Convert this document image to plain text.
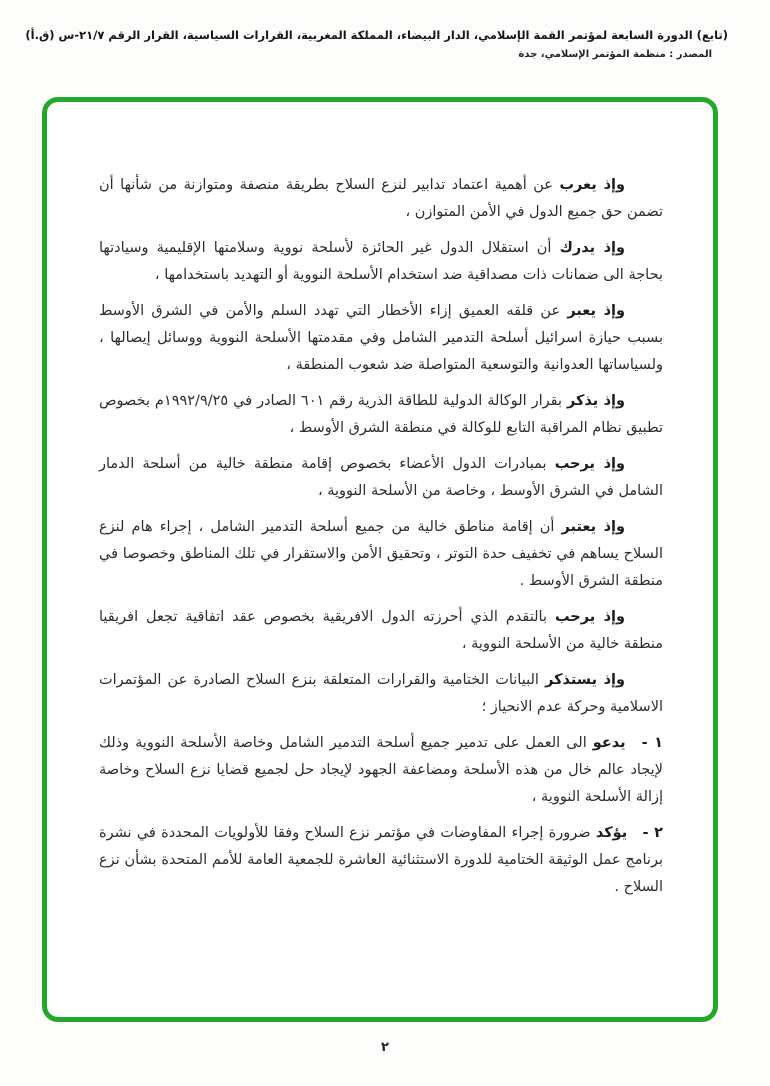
(تابع) الدورة السابعة لمؤتمر القمة الإسلامي، الدار البيضاء، المملكة المغربية، القرارات السياسية، القرار الرقم ٢١/٧-س (ق.أ)
المصدر : منظمة المؤتمر الإسلامي، جدة

وإذ يعرب عن أهمية اعتماد تدابير لنزع السلاح بطريقة منصفة ومتوازنة من شأنها أن تضمن حق جميع الدول في الأمن المتوازن ،

وإذ يدرك أن استقلال الدول غير الحائزة لأسلحة نووية وسلامتها الإقليمية وسيادتها بحاجة الى ضمانات ذات مصداقية ضد استخدام الأسلحة النووية أو التهديد باستخدامها ،

وإذ يعبر عن قلقه العميق إزاء الأخطار التي تهدد السلم والأمن في الشرق الأوسط بسبب حيازة اسرائيل أسلحة التدمير الشامل وفي مقدمتها الأسلحة النووية ووسائل إيصالها ، ولسياساتها العدوانية والتوسعية المتواصلة ضد شعوب المنطقة ،

وإذ يذكر بقرار الوكالة الدولية للطاقة الذرية رقم ٦٠١ الصادر في ١٩٩٢/٩/٢٥م بخصوص تطبيق نظام المراقبة التابع للوكالة في منطقة الشرق الأوسط ،

وإذ يرحب بمبادرات الدول الأعضاء بخصوص إقامة منطقة خالية من أسلحة الدمار الشامل في الشرق الأوسط ، وخاصة من الأسلحة النووية ،

وإذ يعتبر أن إقامة مناطق خالية من جميع أسلحة التدمير الشامل ، إجراء هام لنزع السلاح يساهم في تخفيف حدة التوتر ، وتحقيق الأمن والاستقرار في تلك المناطق وخصوصا في منطقة الشرق الأوسط .

وإذ يرحب بالتقدم الذي أحرزته الدول الافريقية بخصوص عقد اتفاقية تجعل افريقيا منطقة خالية من الأسلحة النووية ،

وإذ يستذكر البيانات الختامية والقرارات المتعلقة بنزع السلاح الصادرة عن المؤتمرات الاسلامية وحركة عدم الانحياز ؛

١ - يدعو الى العمل على تدمير جميع أسلحة التدمير الشامل وخاصة الأسلحة النووية وذلك لإيجاد عالم خال من هذه الأسلحة ومضاعفة الجهود لإيجاد حل لجميع قضايا نزع السلاح وخاصة إزالة الأسلحة النووية ،

٢ - يؤكد ضرورة إجراء المفاوضات في مؤتمر نزع السلاح وفقا للأولويات المحددة في نشرة برنامج عمل الوثيقة الختامية للدورة الاستثنائية العاشرة للجمعية العامة للأمم المتحدة بشأن نزع السلاح .

٢
